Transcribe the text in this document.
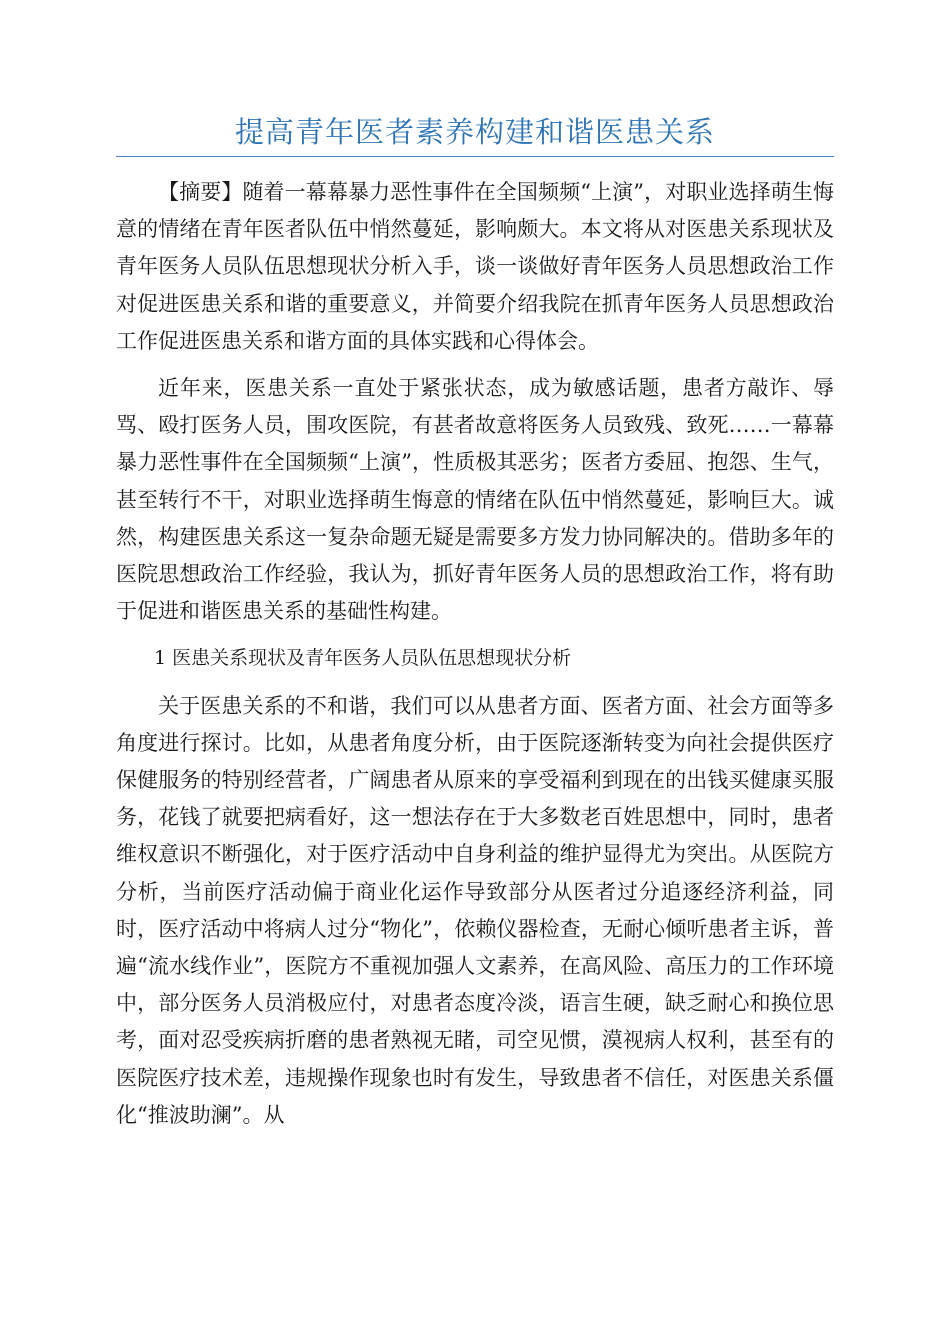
提高青年医者素养构建和谐医患关系

【摘要】随着一幕幕暴力恶性事件在全国频频“上演”，对职业选择萌生悔意的情绪在青年医者队伍中悄然蔓延，影响颇大。本文将从对医患关系现状及青年医务人员队伍思想现状分析入手，谈一谈做好青年医务人员思想政治工作对促进医患关系和谐的重要意义，并简要介绍我院在抓青年医务人员思想政治工作促进医患关系和谐方面的具体实践和心得体会。

近年来，医患关系一直处于紧张状态，成为敏感话题，患者方敲诈、辱骂、殴打医务人员，围攻医院，有甚者故意将医务人员致残、致死……一幕幕暴力恶性事件在全国频频“上演”，性质极其恶劣；医者方委屈、抱怨、生气，甚至转行不干，对职业选择萌生悔意的情绪在队伍中悄然蔓延，影响巨大。诚然，构建医患关系这一复杂命题无疑是需要多方发力协同解决的。借助多年的医院思想政治工作经验，我认为，抓好青年医务人员的思想政治工作，将有助于促进和谐医患关系的基础性构建。

1 医患关系现状及青年医务人员队伍思想现状分析

关于医患关系的不和谐，我们可以从患者方面、医者方面、社会方面等多角度进行探讨。比如，从患者角度分析，由于医院逐渐转变为向社会提供医疗保健服务的特别经营者，广阔患者从原来的享受福利到现在的出钱买健康买服务，花钱了就要把病看好，这一想法存在于大多数老百姓思想中，同时，患者维权意识不断强化，对于医疗活动中自身利益的维护显得尤为突出。从医院方分析，当前医疗活动偏于商业化运作导致部分从医者过分追逐经济利益，同时，医疗活动中将病人过分“物化”，依赖仪器检查，无耐心倾听患者主诉，普遍“流水线作业”，医院方不重视加强人文素养，在高风险、高压力的工作环境中，部分医务人员消极应付，对患者态度冷淡，语言生硬，缺乏耐心和换位思考，面对忍受疾病折磨的患者熟视无睹，司空见惯，漠视病人权利，甚至有的医院医疗技术差，违规操作现象也时有发生，导致患者不信任，对医患关系僵化“推波助澜”。从
